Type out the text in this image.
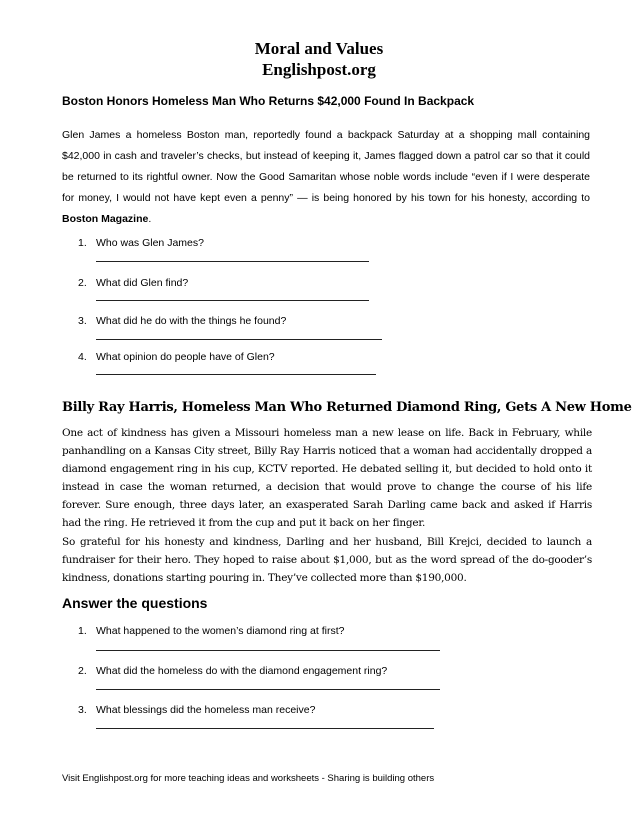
Moral and Values
Englishpost.org
Boston Honors Homeless Man Who Returns $42,000 Found In Backpack
Glen James a homeless Boston man, reportedly found a backpack Saturday at a shopping mall containing $42,000 in cash and traveler’s checks, but instead of keeping it, James flagged down a patrol car so that it could be returned to its rightful owner. Now the Good Samaritan whose noble words include “even if I were desperate for money, I would not have kept even a penny” — is being honored by his town for his honesty, according to Boston Magazine.
1. Who was Glen James?
2. What did Glen find?
3. What did he do with the things he found?
4. What opinion do people have of Glen?
Billy Ray Harris, Homeless Man Who Returned Diamond Ring, Gets A New Home
One act of kindness has given a Missouri homeless man a new lease on life. Back in February, while panhandling on a Kansas City street, Billy Ray Harris noticed that a woman had accidentally dropped a diamond engagement ring in his cup, KCTV reported. He debated selling it, but decided to hold onto it instead in case the woman returned, a decision that would prove to change the course of his life forever. Sure enough, three days later, an exasperated Sarah Darling came back and asked if Harris had the ring. He retrieved it from the cup and put it back on her finger.
So grateful for his honesty and kindness, Darling and her husband, Bill Krejci, decided to launch a fundraiser for their hero. They hoped to raise about $1,000, but as the word spread of the do-gooder’s kindness, donations starting pouring in. They’ve collected more than $190,000.
Answer the questions
1. What happened to the women’s diamond ring at first?
2. What did the homeless do with the diamond engagement ring?
3. What blessings did the homeless man receive?
Visit Englishpost.org for more teaching ideas and worksheets - Sharing is building others
